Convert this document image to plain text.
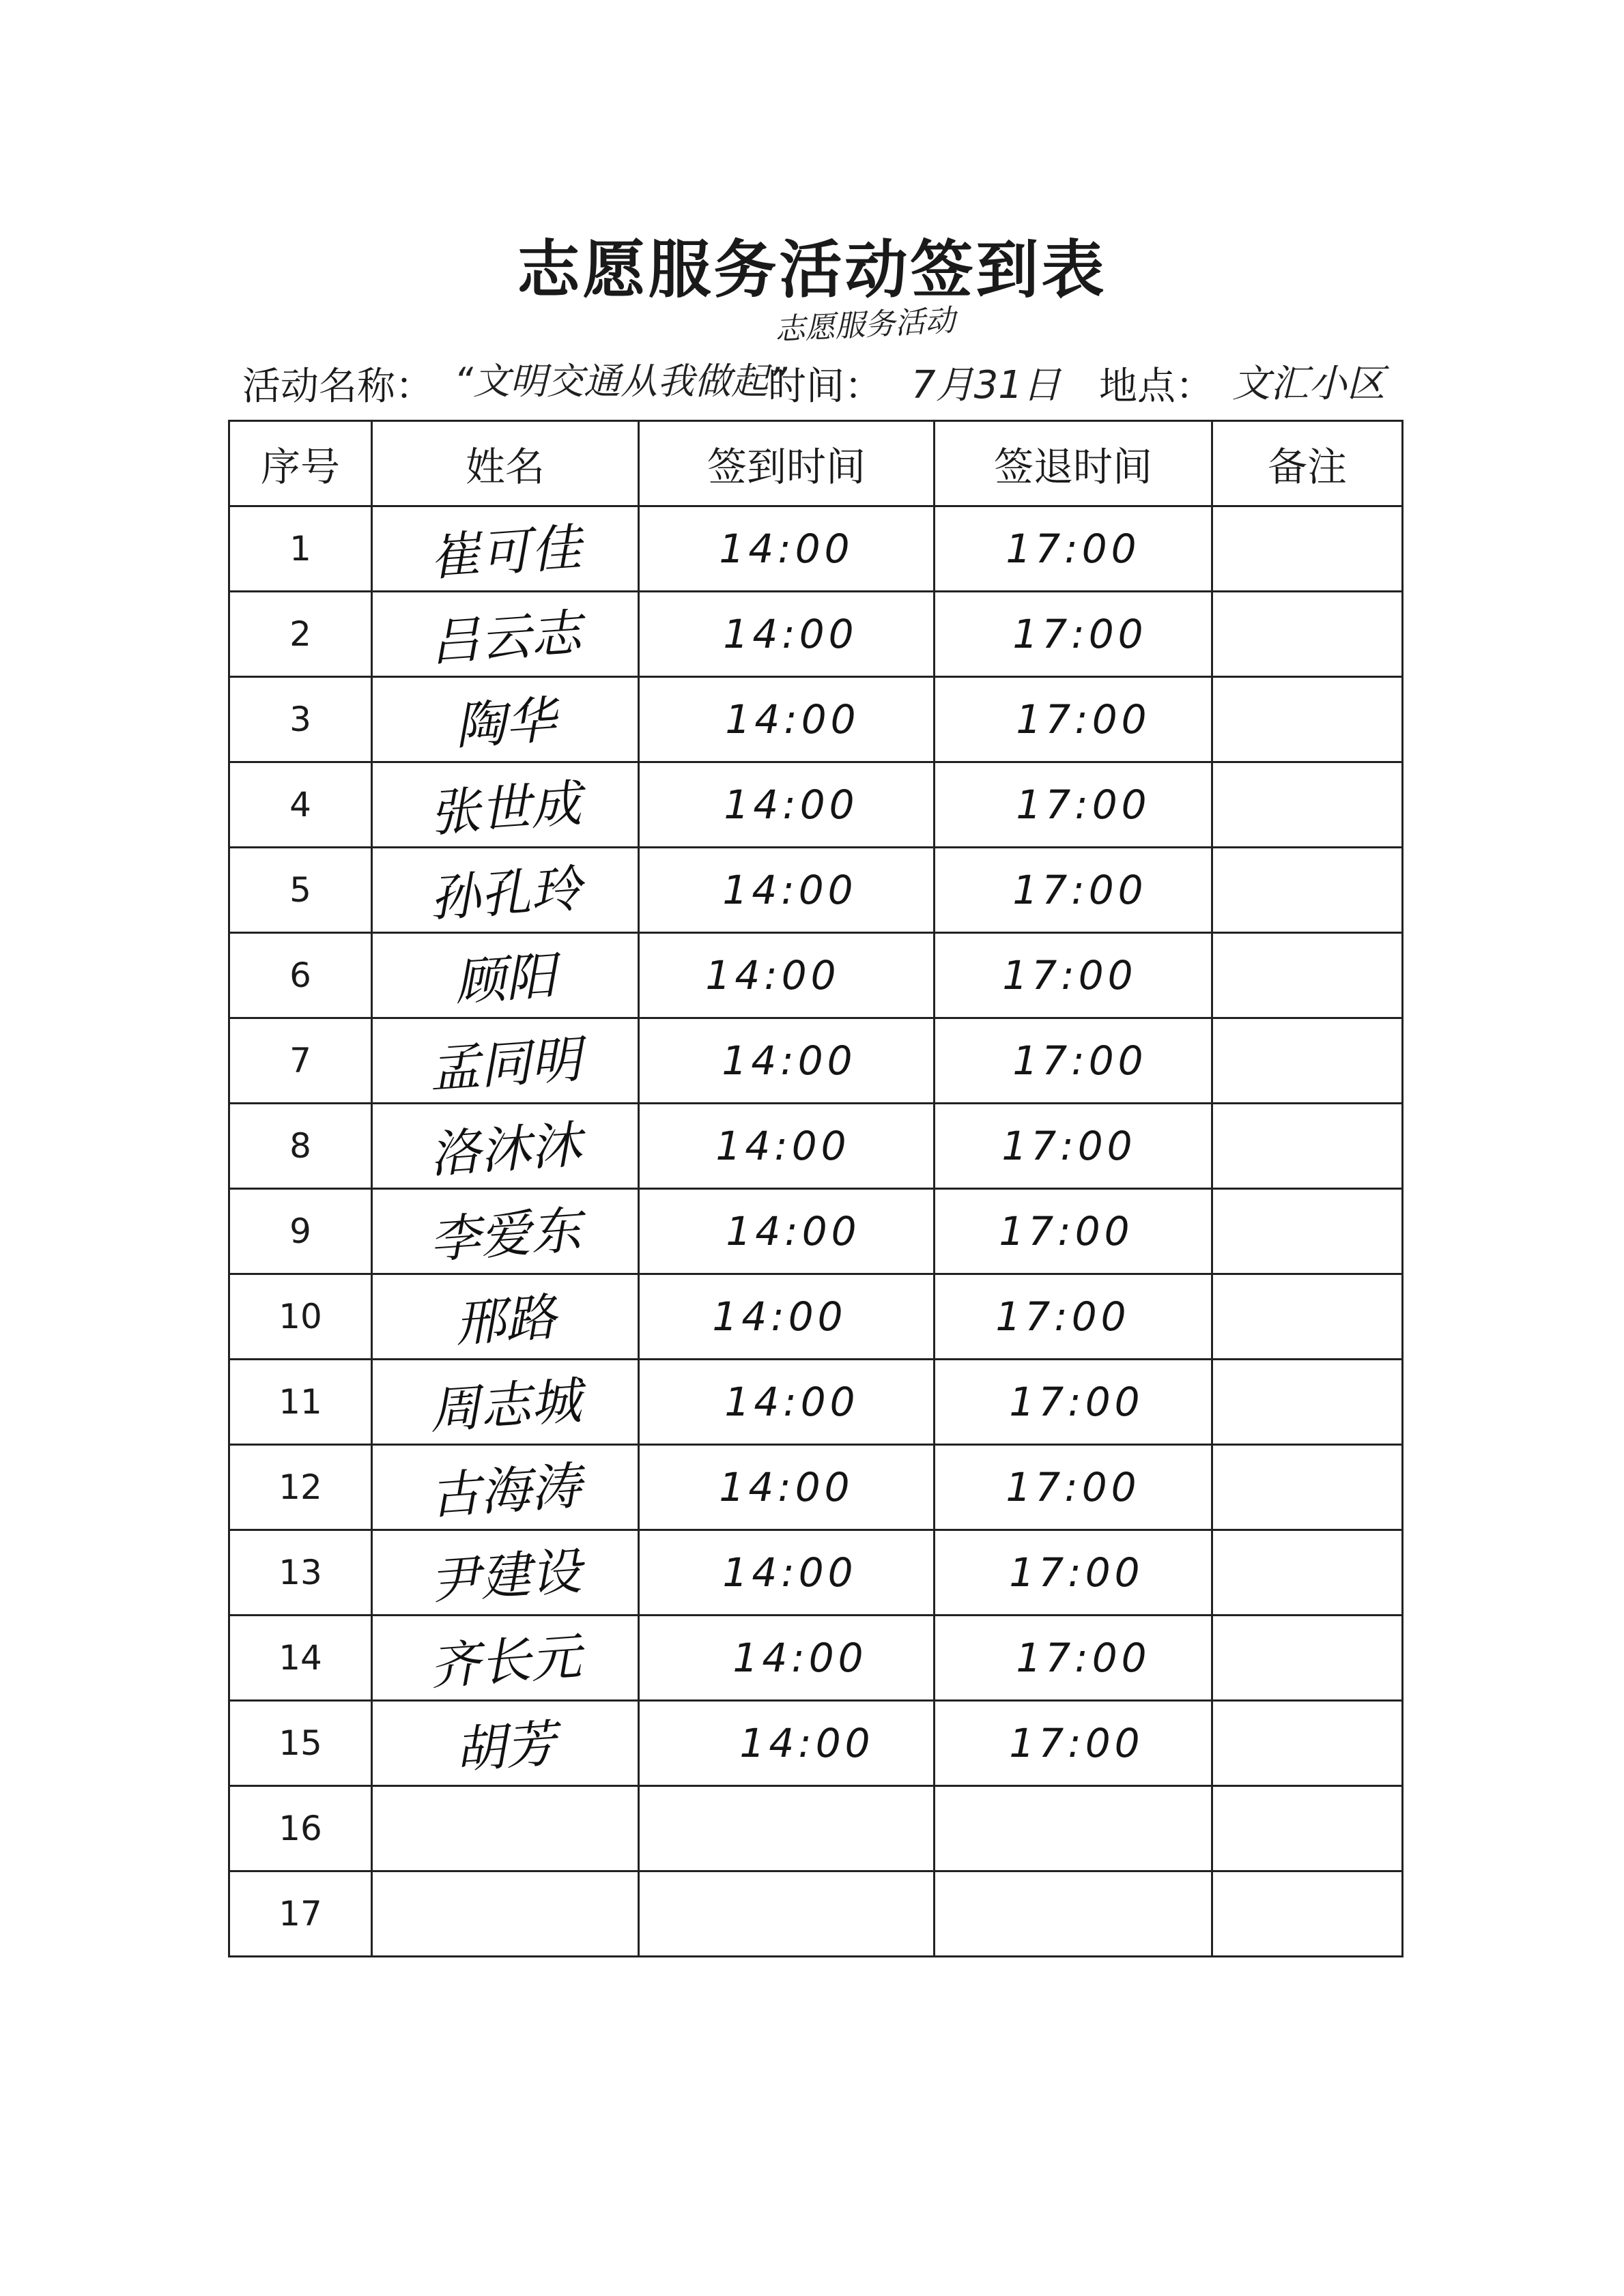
志愿服务活动签到表
志愿服务活动
活动名称： “文明交通从我做起”
时间： 7月31日 地点： 文汇小区
序号	姓名	签到时间	签退时间	备注
1	崔可佳	14:00	17:00	
2	吕云志	14:00	17:00	
3	陶华	14:00	17:00	
4	张世成	14:00	17:00	
5	孙孔玲	14:00	17:00	
6	顾阳	14:00	17:00	
7	孟同明	14:00	17:00	
8	洛沐沐	14:00	17:00	
9	李爱东	14:00	17:00	
10	邢路	14:00	17:00	
11	周志城	14:00	17:00	
12	古海涛	14:00	17:00	
13	尹建设	14:00	17:00	
14	齐长元	14:00	17:00	
15	胡芳	14:00	17:00	
16				
17				
